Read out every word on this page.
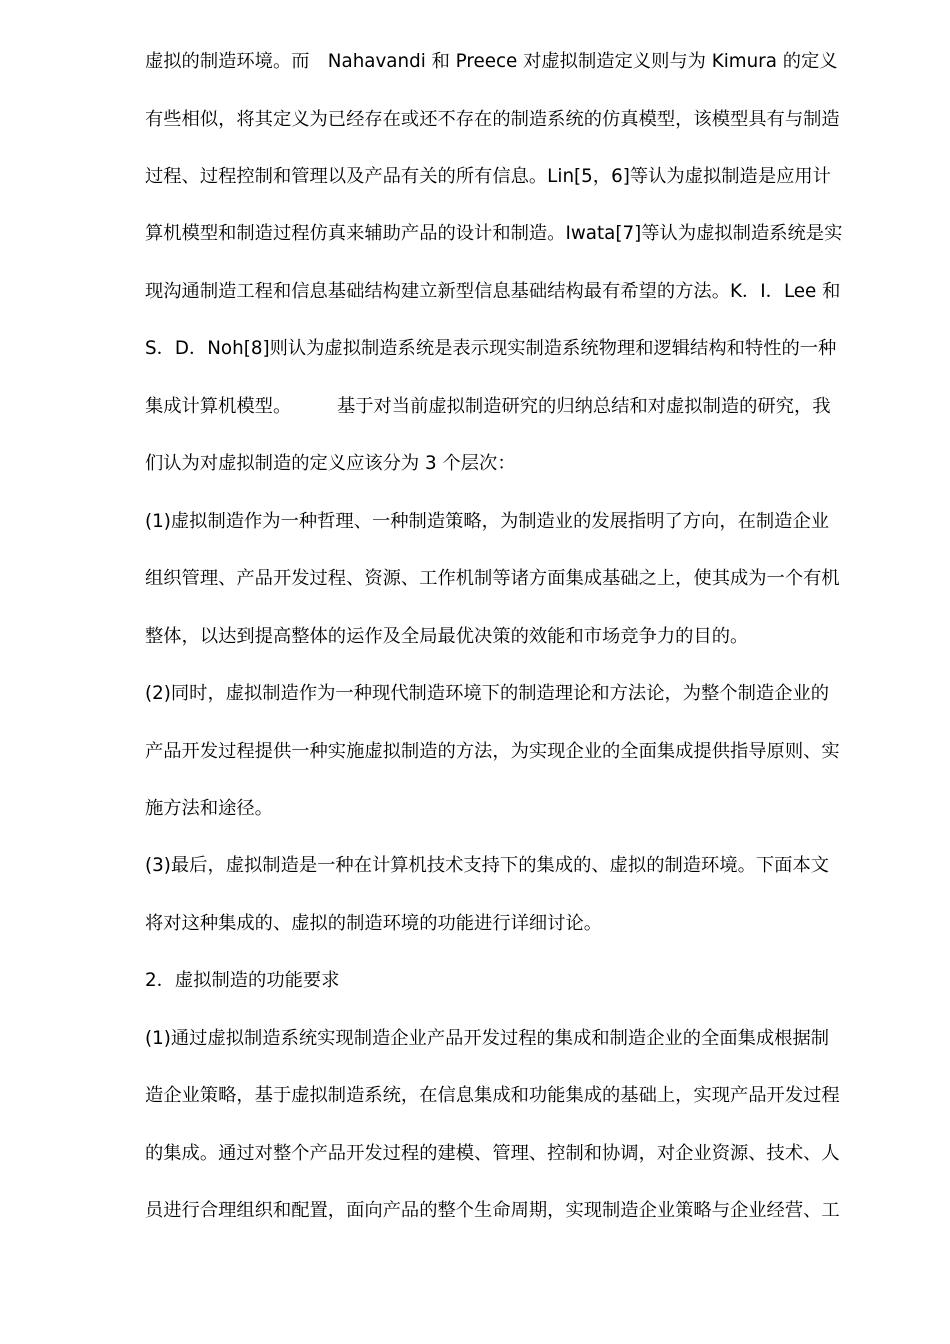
虚拟的制造环境。而　Nahavandi 和 Preece 对虚拟制造定义则与为 Kimura 的定义
有些相似，将其定义为已经存在或还不存在的制造系统的仿真模型，该模型具有与制造
过程、过程控制和管理以及产品有关的所有信息。Lin[5，6]等认为虚拟制造是应用计
算机模型和制造过程仿真来辅助产品的设计和制造。Iwata[7]等认为虚拟制造系统是实
现沟通制造工程和信息基础结构建立新型信息基础结构最有希望的方法。K．I．Lee 和
S．D．Noh[8]则认为虚拟制造系统是表示现实制造系统物理和逻辑结构和特性的一种
集成计算机模型。　　　基于对当前虚拟制造研究的归纳总结和对虚拟制造的研究，我
们认为对虚拟制造的定义应该分为 3 个层次：
(1)虚拟制造作为一种哲理、一种制造策略，为制造业的发展指明了方向，在制造企业
组织管理、产品开发过程、资源、工作机制等诸方面集成基础之上，使其成为一个有机
整体，以达到提高整体的运作及全局最优决策的效能和市场竞争力的目的。
(2)同时，虚拟制造作为一种现代制造环境下的制造理论和方法论，为整个制造企业的
产品开发过程提供一种实施虚拟制造的方法，为实现企业的全面集成提供指导原则、实
施方法和途径。
(3)最后，虚拟制造是一种在计算机技术支持下的集成的、虚拟的制造环境。下面本文
将对这种集成的、虚拟的制造环境的功能进行详细讨论。
2．虚拟制造的功能要求
(1)通过虚拟制造系统实现制造企业产品开发过程的集成和制造企业的全面集成根据制
造企业策略，基于虚拟制造系统，在信息集成和功能集成的基础上，实现产品开发过程
的集成。通过对整个产品开发过程的建模、管理、控制和协调，对企业资源、技术、人
员进行合理组织和配置，面向产品的整个生命周期，实现制造企业策略与企业经营、工
